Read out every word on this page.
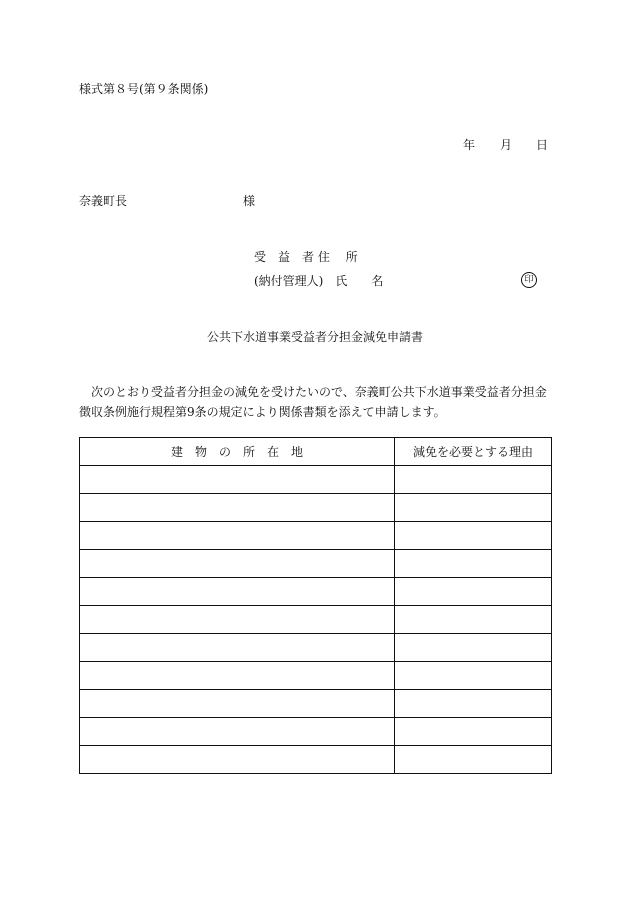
様式第８号(第９条関係)
年 月 日
奈義町長	様
受　益　者 住　 所
(納付管理人)　氏　　名	印
公共下水道事業受益者分担金減免申請書
次のとおり受益者分担金の減免を受けたいので、奈義町公共下水道事業受益者分担金徴収条例施行規程第9条の規定により関係書類を添えて申請します。
建　物　の　所　在　地	減免を必要とする理由
